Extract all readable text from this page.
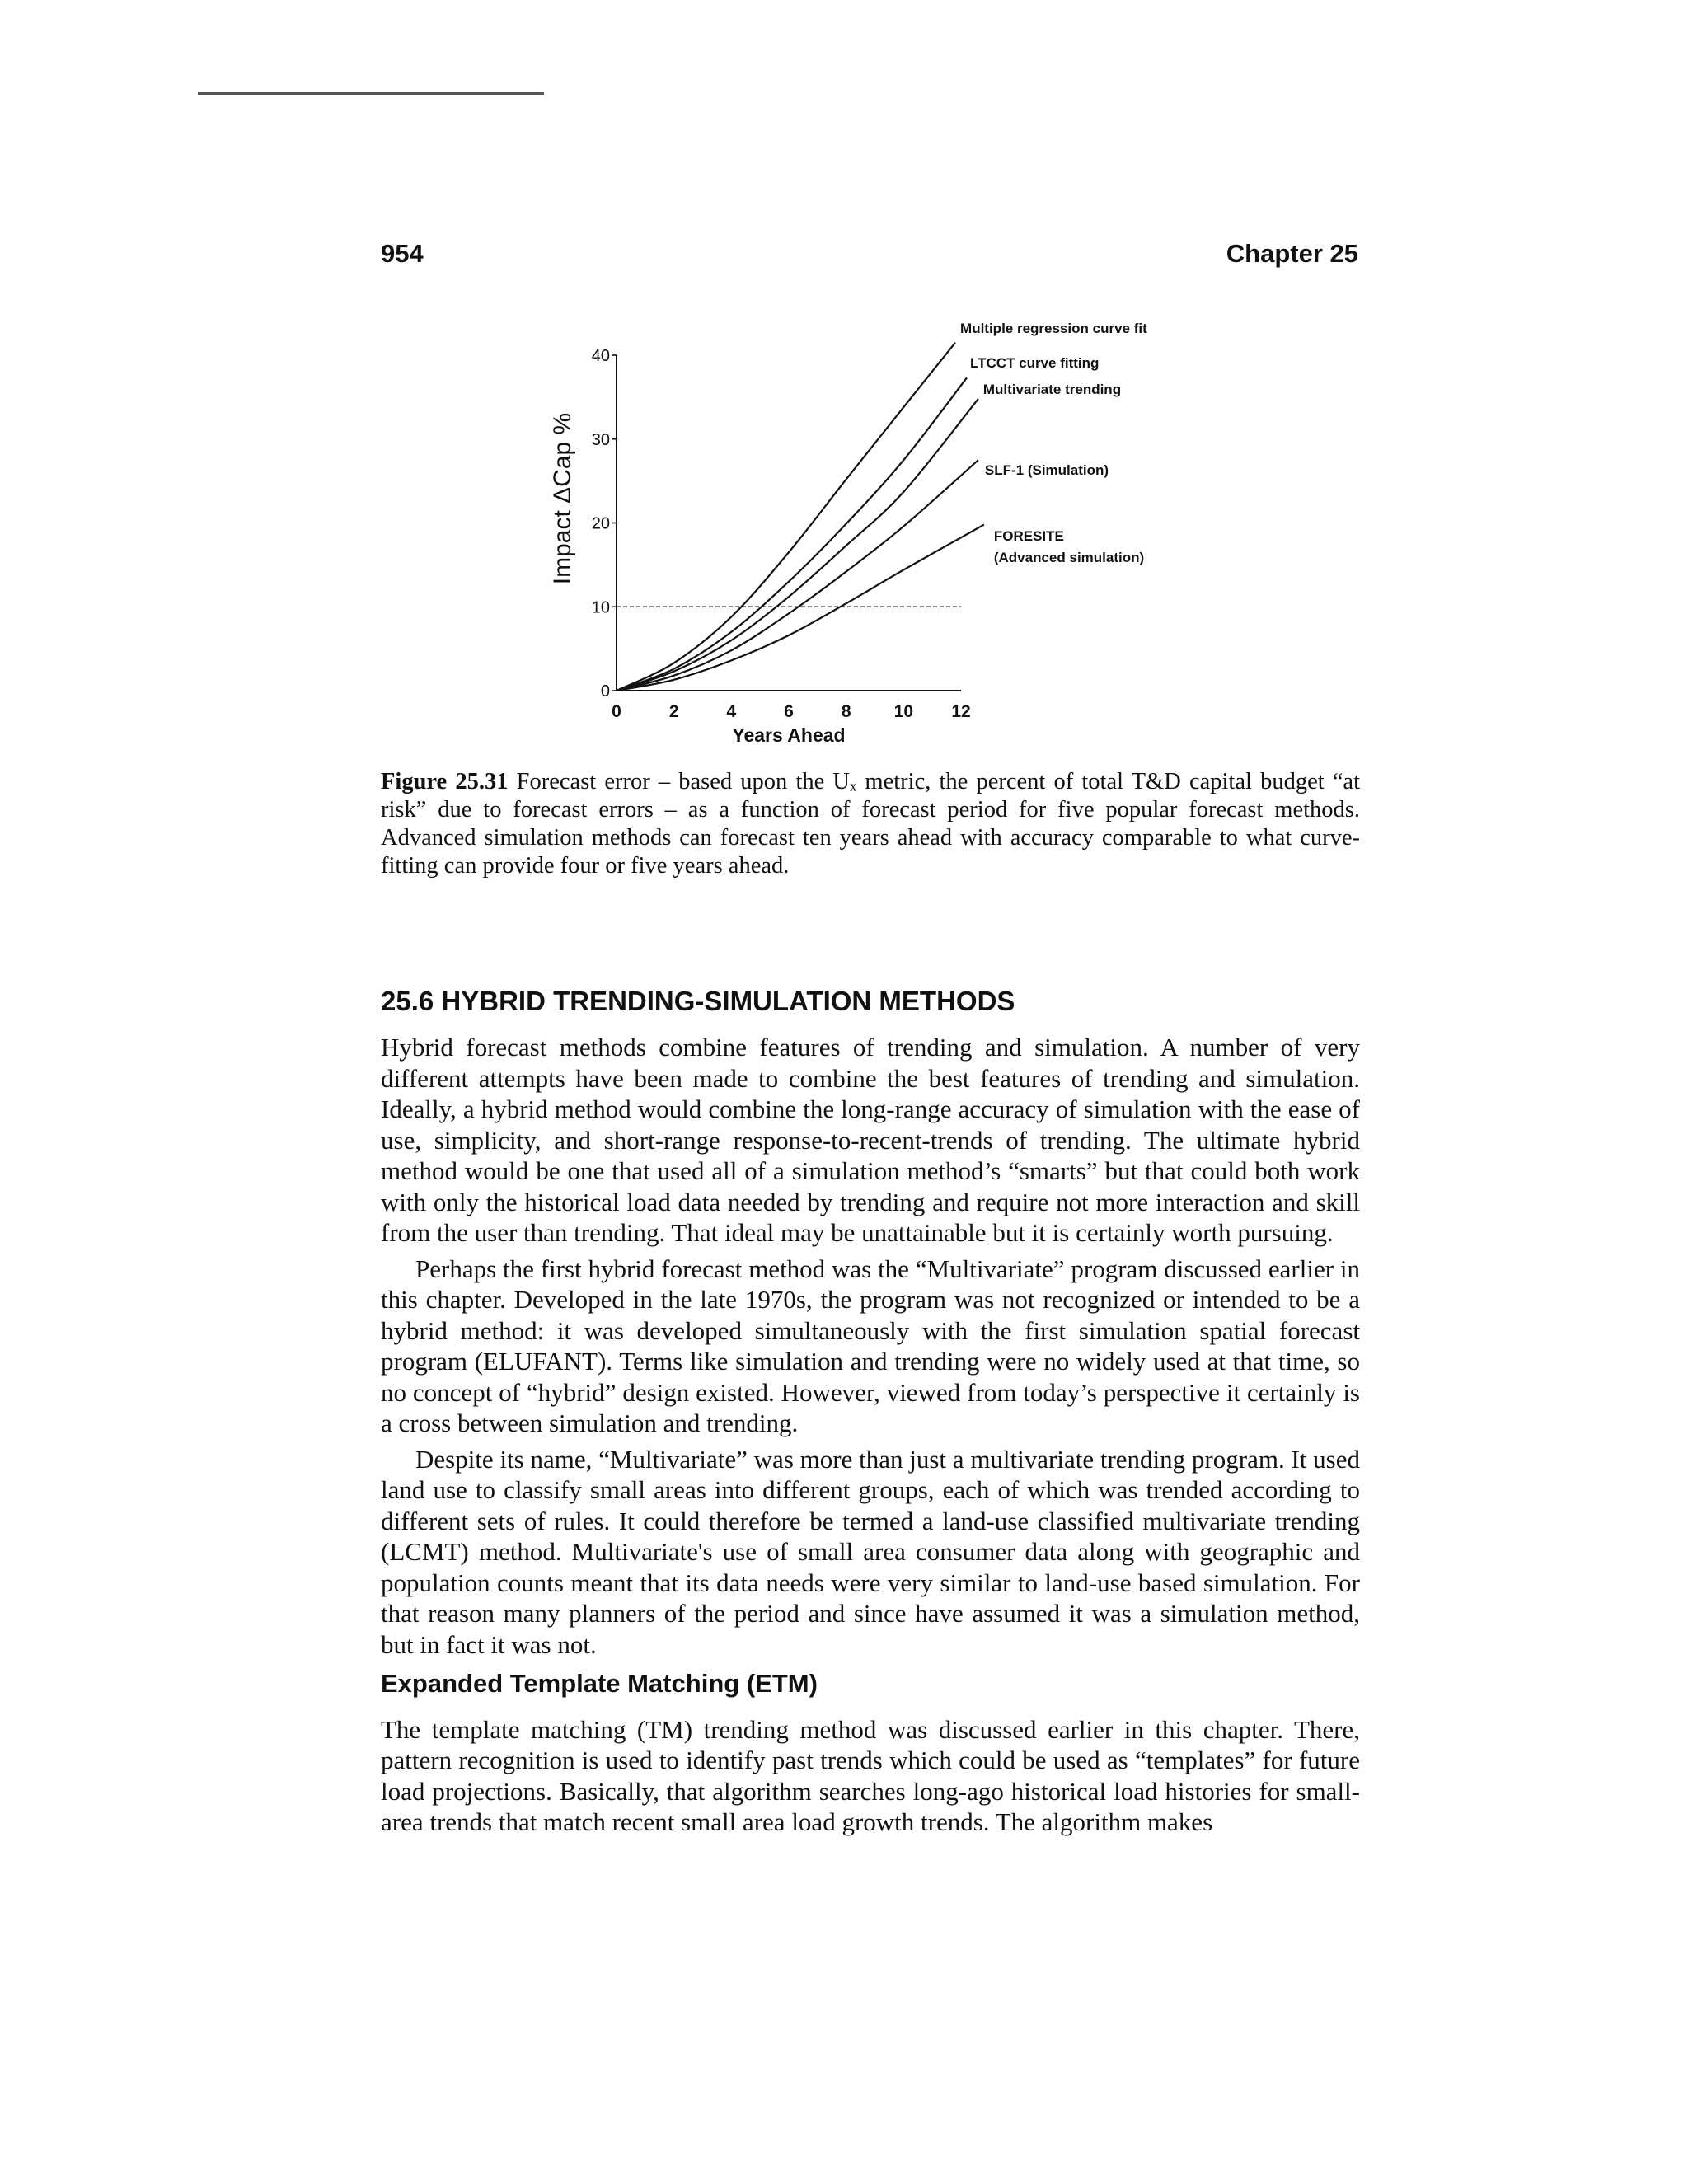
954	Chapter 25
0
10
20
30
40
0	2	4	6	8 10 12
Multiple regression curve fit
LTCCT curve fitting
Multivariate trending
SLF-1 (Simulation)
FORESITE
(Advanced simulation)
Years Ahead
Impact ΔCap %
Figure 25.31 Forecast error – based upon the Uₓ metric, the percent of total T&D capital budget “at risk” due to forecast errors – as a function of forecast period for five popular forecast methods. Advanced simulation methods can forecast ten years ahead with accuracy comparable to what curve-fitting can provide four or five years ahead.
25.6 HYBRID TRENDING-SIMULATION METHODS

Hybrid forecast methods combine features of trending and simulation. A number of very different attempts have been made to combine the best features of trending and simulation. Ideally, a hybrid method would combine the long-range accuracy of simulation with the ease of use, simplicity, and short-range response-to-recent-trends of trending. The ultimate hybrid method would be one that used all of a simulation method’s “smarts” but that could both work with only the historical load data needed by trending and require not more interaction and skill from the user than trending. That ideal may be unattainable but it is certainly worth pursuing.

Perhaps the first hybrid forecast method was the “Multivariate” program discussed earlier in this chapter. Developed in the late 1970s, the program was not recognized or intended to be a hybrid method: it was developed simultaneously with the first simulation spatial forecast program (ELUFANT). Terms like simulation and trending were no widely used at that time, so no concept of “hybrid” design existed. However, viewed from today’s perspective it certainly is a cross between simulation and trending.

Despite its name, “Multivariate” was more than just a multivariate trending program. It used land use to classify small areas into different groups, each of which was trended according to different sets of rules. It could therefore be termed a land-use classified multivariate trending (LCMT) method. Multivariate's use of small area consumer data along with geographic and population counts meant that its data needs were very similar to land-use based simulation. For that reason many planners of the period and since have assumed it was a simulation method, but in fact it was not.

Expanded Template Matching (ETM)

The template matching (TM) trending method was discussed earlier in this chapter. There, pattern recognition is used to identify past trends which could be used as “templates” for future load projections. Basically, that algorithm searches long-ago historical load histories for small-area trends that match recent small area load growth trends. The algorithm makes
